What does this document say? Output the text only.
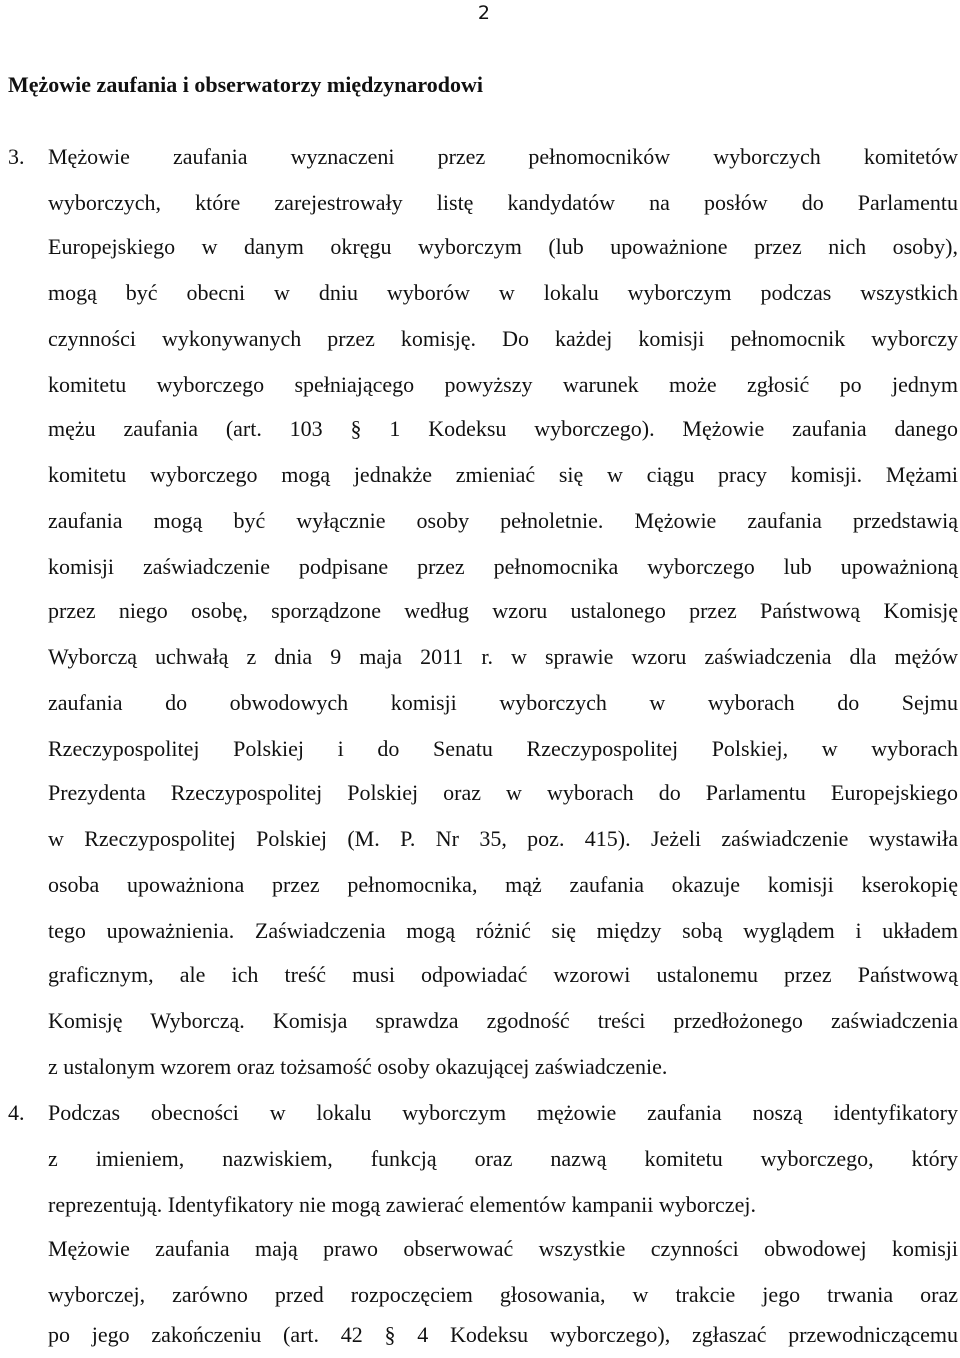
2
Mężowie zaufania i obserwatorzy międzynarodowi
3. Mężowie zaufania wyznaczeni przez pełnomocników wyborczych komitetów
wyborczych, które zarejestrowały listę kandydatów na posłów do Parlamentu
Europejskiego w danym okręgu wyborczym (lub upoważnione przez nich osoby),
mogą być obecni w dniu wyborów w lokalu wyborczym podczas wszystkich
czynności wykonywanych przez komisję. Do każdej komisji pełnomocnik wyborczy
komitetu wyborczego spełniającego powyższy warunek może zgłosić po jednym
mężu zaufania (art. 103 § 1 Kodeksu wyborczego). Mężowie zaufania danego
komitetu wyborczego mogą jednakże zmieniać się w ciągu pracy komisji. Mężami
zaufania mogą być wyłącznie osoby pełnoletnie. Mężowie zaufania przedstawią
komisji zaświadczenie podpisane przez pełnomocnika wyborczego lub upoważnioną
przez niego osobę, sporządzone według wzoru ustalonego przez Państwową Komisję
Wyborczą uchwałą z dnia 9 maja 2011 r. w sprawie wzoru zaświadczenia dla mężów
zaufania do obwodowych komisji wyborczych w wyborach do Sejmu
Rzeczypospolitej Polskiej i do Senatu Rzeczypospolitej Polskiej, w wyborach
Prezydenta Rzeczypospolitej Polskiej oraz w wyborach do Parlamentu Europejskiego
w Rzeczypospolitej Polskiej (M. P. Nr 35, poz. 415). Jeżeli zaświadczenie wystawiła
osoba upoważniona przez pełnomocnika, mąż zaufania okazuje komisji kserokopię
tego upoważnienia. Zaświadczenia mogą różnić się między sobą wyglądem i układem
graficznym, ale ich treść musi odpowiadać wzorowi ustalonemu przez Państwową
Komisję Wyborczą. Komisja sprawdza zgodność treści przedłożonego zaświadczenia
z ustalonym wzorem oraz tożsamość osoby okazującej zaświadczenie.
4. Podczas obecności w lokalu wyborczym mężowie zaufania noszą identyfikatory
z imieniem, nazwiskiem, funkcją oraz nazwą komitetu wyborczego, który
reprezentują. Identyfikatory nie mogą zawierać elementów kampanii wyborczej.
Mężowie zaufania mają prawo obserwować wszystkie czynności obwodowej komisji
wyborczej, zarówno przed rozpoczęciem głosowania, w trakcie jego trwania oraz
po jego zakończeniu (art. 42 § 4 Kodeksu wyborczego), zgłaszać przewodniczącemu
